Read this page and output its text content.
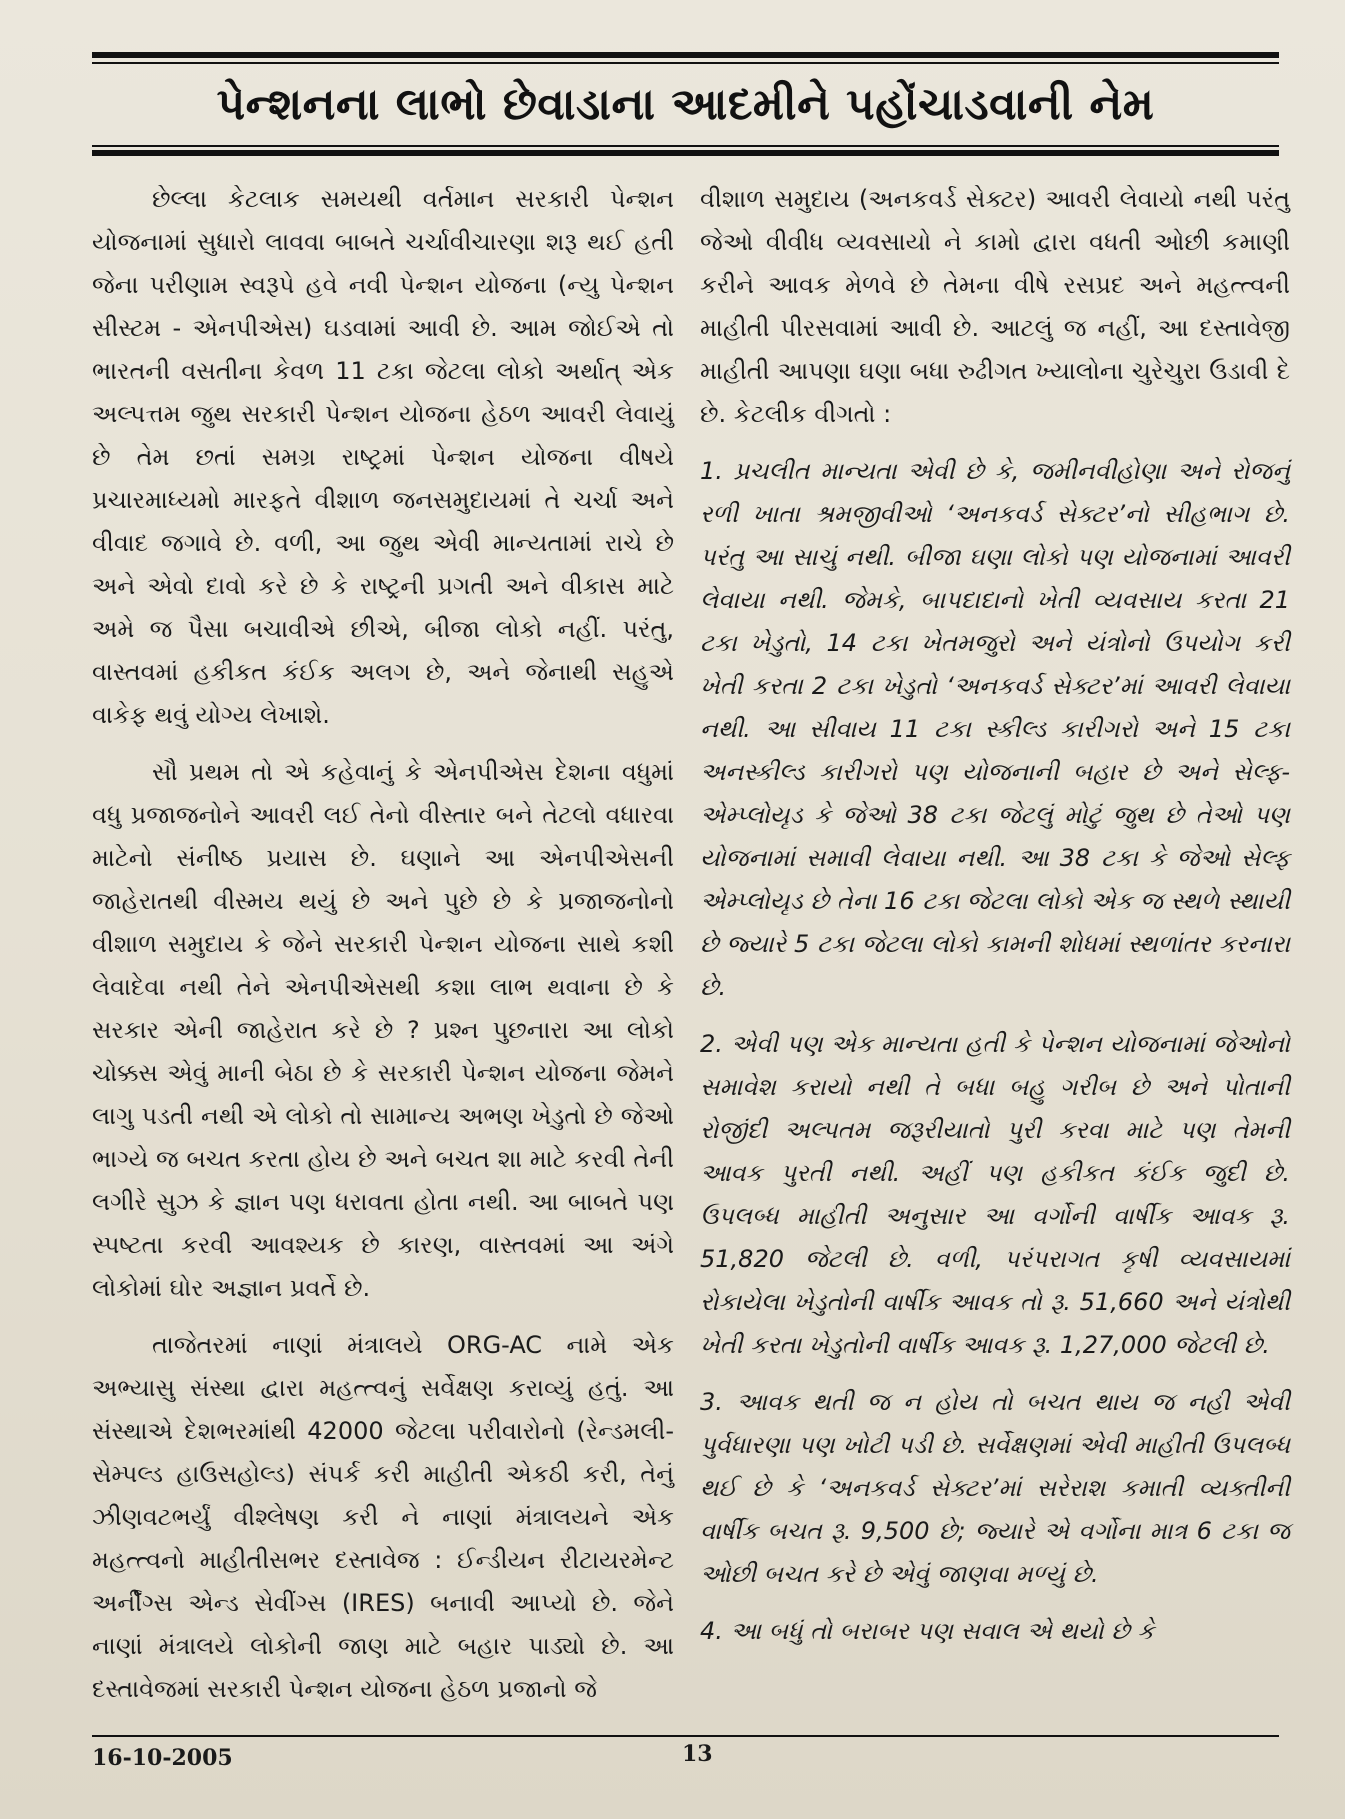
પેન્શનના લાભો છેવાડાના આદમીને પહોંચાડવાની નેમ

છેલ્લા કેટલાક સમયથી વર્તમાન સરકારી પેન્શન યોજનામાં સુધારો લાવવા બાબતે ચર્ચાવીચારણા શરૂ થઈ હતી જેના પરીણામ સ્વરૂપે હવે નવી પેન્શન યોજના (ન્યુ પેન્શન સીસ્ટમ - એનપીએસ) ઘડવામાં આવી છે. આમ જોઈએ તો ભારતની વસતીના કેવળ 11 ટકા જેટલા લોકો અર્થાત્ એક અલ્પત્તમ જુથ સરકારી પેન્શન યોજના હેઠળ આવરી લેવાયું છે તેમ છતાં સમગ્ર રાષ્ટ્રમાં પેન્શન યોજના વીષયે પ્રચારમાધ્યમો મારફતે વીશાળ જનસમુદાયમાં તે ચર્ચા અને વીવાદ જગાવે છે. વળી, આ જુથ એવી માન્યતામાં રાચે છે અને એવો દાવો કરે છે કે રાષ્ટ્રની પ્રગતી અને વીકાસ માટે અમે જ પૈસા બચાવીએ છીએ, બીજા લોકો નહીં. પરંતુ, વાસ્તવમાં હકીકત કંઈક અલગ છે, અને જેનાથી સહુએ વાકેફ થવું યોગ્ય લેખાશે.

સૌ પ્રથમ તો એ કહેવાનું કે એનપીએસ દેશના વધુમાં વધુ પ્રજાજનોને આવરી લઈ તેનો વીસ્તાર બને તેટલો વધારવા માટેનો સંનીષ્ઠ પ્રયાસ છે. ઘણાને આ એનપીએસની જાહેરાતથી વીસ્મય થયું છે અને પુછે છે કે પ્રજાજનોનો વીશાળ સમુદાય કે જેને સરકારી પેન્શન યોજના સાથે કશી લેવાદેવા નથી તેને એનપીએસથી કશા લાભ થવાના છે કે સરકાર એની જાહેરાત કરે છે ? પ્રશ્ન પુછનારા આ લોકો ચોક્કસ એવું માની બેઠા છે કે સરકારી પેન્શન યોજના જેમને લાગુ પડતી નથી એ લોકો તો સામાન્ય અભણ ખેડુતો છે જેઓ ભાગ્યે જ બચત કરતા હોય છે અને બચત શા માટે કરવી તેની લગીરે સુઝ કે જ્ઞાન પણ ધરાવતા હોતા નથી. આ બાબતે પણ સ્પષ્ટતા કરવી આવશ્યક છે કારણ, વાસ્તવમાં આ અંગે લોકોમાં ઘોર અજ્ઞાન પ્રવર્તે છે.

તાજેતરમાં નાણાં મંત્રાલયે ORG-AC નામે એક અભ્યાસુ સંસ્થા દ્વારા મહત્ત્વનું સર્વેક્ષણ કરાવ્યું હતું. આ સંસ્થાએ દેશભરમાંથી 42000 જેટલા પરીવારોનો (રેન્ડમલી-સેમ્પલ્ડ હાઉસહોલ્ડ) સંપર્ક કરી માહીતી એકઠી કરી, તેનું ઝીણવટભર્યું વીશ્લેષણ કરી ને નાણાં મંત્રાલયને એક મહત્ત્વનો માહીતીસભર દસ્તાવેજ : ઈન્ડીયન રીટાયરમેન્ટ અર્નીંગ્સ એન્ડ સેવીંગ્સ (IRES) બનાવી આપ્યો છે. જેને નાણાં મંત્રાલયે લોકોની જાણ માટે બહાર પાડ્યો છે. આ દસ્તાવેજમાં સરકારી પેન્શન યોજના હેઠળ પ્રજાનો જે

વીશાળ સમુદાય (અનકવર્ડ સેક્ટર) આવરી લેવાયો નથી પરંતુ જેઓ વીવીધ વ્યવસાયો ને કામો દ્વારા વધતી ઓછી કમાણી કરીને આવક મેળવે છે તેમના વીષે રસપ્રદ અને મહત્ત્વની માહીતી પીરસવામાં આવી છે. આટલું જ નહીં, આ દસ્તાવેજી માહીતી આપણા ઘણા બધા રુઢીગત ખ્યાલોના ચુરેચુરા ઉડાવી દે છે. કેટલીક વીગતો :

1. પ્રચલીત માન્યતા એવી છે કે, જમીનવીહોણા અને રોજનું રળી ખાતા શ્રમજીવીઓ ‘અનકવર્ડ સેક્ટર’નો સીહભાગ છે. પરંતુ આ સાચું નથી. બીજા ઘણા લોકો પણ યોજનામાં આવરી લેવાયા નથી. જેમકે, બાપદાદાનો ખેતી વ્યવસાય કરતા 21 ટકા ખેડુતો, 14 ટકા ખેતમજુરો અને યંત્રોનો ઉપયોગ કરી ખેતી કરતા 2 ટકા ખેડુતો ‘અનકવર્ડ સેક્ટર’માં આવરી લેવાયા નથી. આ સીવાય 11 ટકા સ્કીલ્ડ કારીગરો અને 15 ટકા અનસ્કીલ્ડ કારીગરો પણ યોજનાની બહાર છે અને સેલ્ફ-એમ્પ્લોયૃડ કે જેઓ 38 ટકા જેટલું મોટું જુથ છે તેઓ પણ યોજનામાં સમાવી લેવાયા નથી. આ 38 ટકા કે જેઓ સેલ્ફ એમ્પ્લોયૃડ છે તેના 16 ટકા જેટલા લોકો એક જ સ્થળે સ્થાયી છે જ્યારે 5 ટકા જેટલા લોકો કામની શોધમાં સ્થળાંતર કરનારા છે.

2. એવી પણ એક માન્યતા હતી કે પેન્શન યોજનામાં જેઓનો સમાવેશ કરાયો નથી તે બધા બહુ ગરીબ છે અને પોતાની રોજીંદી અલ્પતમ જરૂરીયાતો પુરી કરવા માટે પણ તેમની આવક પુરતી નથી. અહીં પણ હકીકત કંઈક જુદી છે. ઉપલબ્ધ માહીતી અનુસાર આ વર્ગોની વાર્ષીક આવક રૂ. 51,820 જેટલી છે. વળી, પરંપરાગત કૃષી વ્યવસાયમાં રોકાયેલા ખેડુતોની વાર્ષીક આવક તો રૂ. 51,660 અને યંત્રોથી ખેતી કરતા ખેડુતોની વાર્ષીક આવક રૂ. 1,27,000 જેટલી છે.

3. આવક થતી જ ન હોય તો બચત થાય જ નહી એવી પુર્વધારણા પણ ખોટી પડી છે. સર્વેક્ષણમાં એવી માહીતી ઉપલબ્ધ થઈ છે કે ‘અનકવર્ડ સેક્ટર’માં સરેરાશ કમાતી વ્યક્તીની વાર્ષીક બચત રૂ. 9,500 છે; જ્યારે એ વર્ગોના માત્ર 6 ટકા જ ઓછી બચત કરે છે એવું જાણવા મળ્યું છે.

4. આ બધું તો બરાબર પણ સવાલ એ થયો છે કે

16-10-2005	13
